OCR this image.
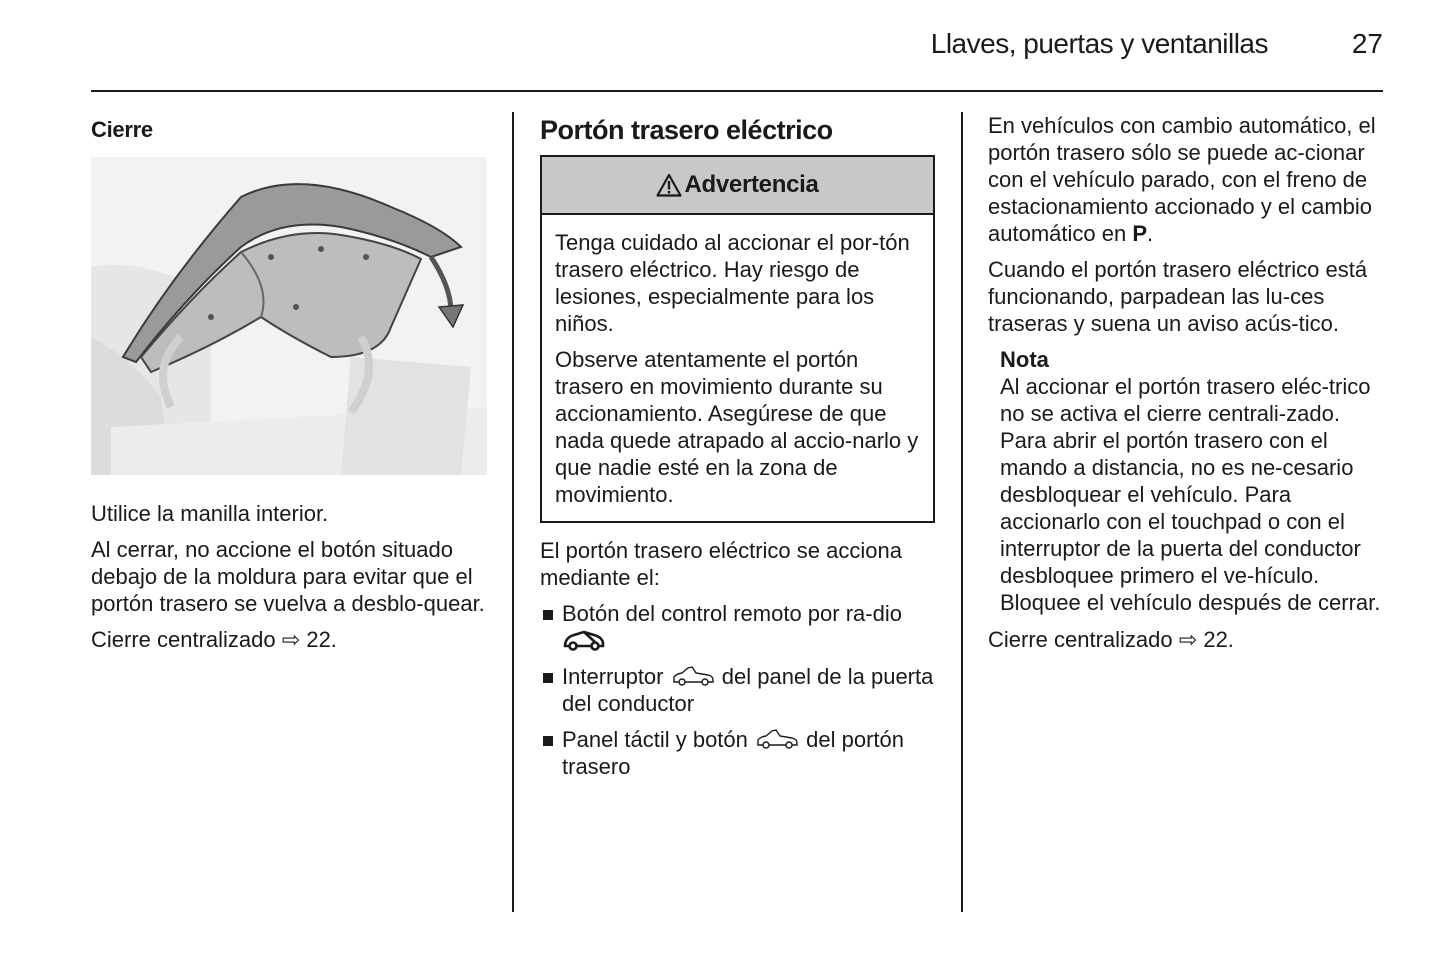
Llaves, puertas y ventanillas	27
Cierre

Utilice la manilla interior.

Al cerrar, no accione el botón situado debajo de la moldura para evitar que el portón trasero se vuelva a desblo-quear.

Cierre centralizado ⇨ 22.

Portón trasero eléctrico
Advertencia

Tenga cuidado al accionar el por-tón trasero eléctrico. Hay riesgo de lesiones, especialmente para los niños.

Observe atentamente el portón trasero en movimiento durante su accionamiento. Asegúrese de que nada quede atrapado al accio-narlo y que nadie esté en la zona de movimiento.

El portón trasero eléctrico se acciona mediante el:

Botón del control remoto por ra-dio
Interruptor	del panel de la puerta del conductor
Panel táctil y botón	del portón trasero

En vehículos con cambio automático, el portón trasero sólo se puede ac-cionar con el vehículo parado, con el freno de estacionamiento accionado y el cambio automático en P.

Cuando el portón trasero eléctrico está funcionando, parpadean las lu-ces traseras y suena un aviso acús-tico.

Nota
Al accionar el portón trasero eléc-trico no se activa el cierre centrali-zado. Para abrir el portón trasero con el mando a distancia, no es ne-cesario desbloquear el vehículo. Para accionarlo con el touchpad o con el interruptor de la puerta del conductor desbloquee primero el ve-hículo. Bloquee el vehículo después de cerrar.

Cierre centralizado ⇨ 22.
